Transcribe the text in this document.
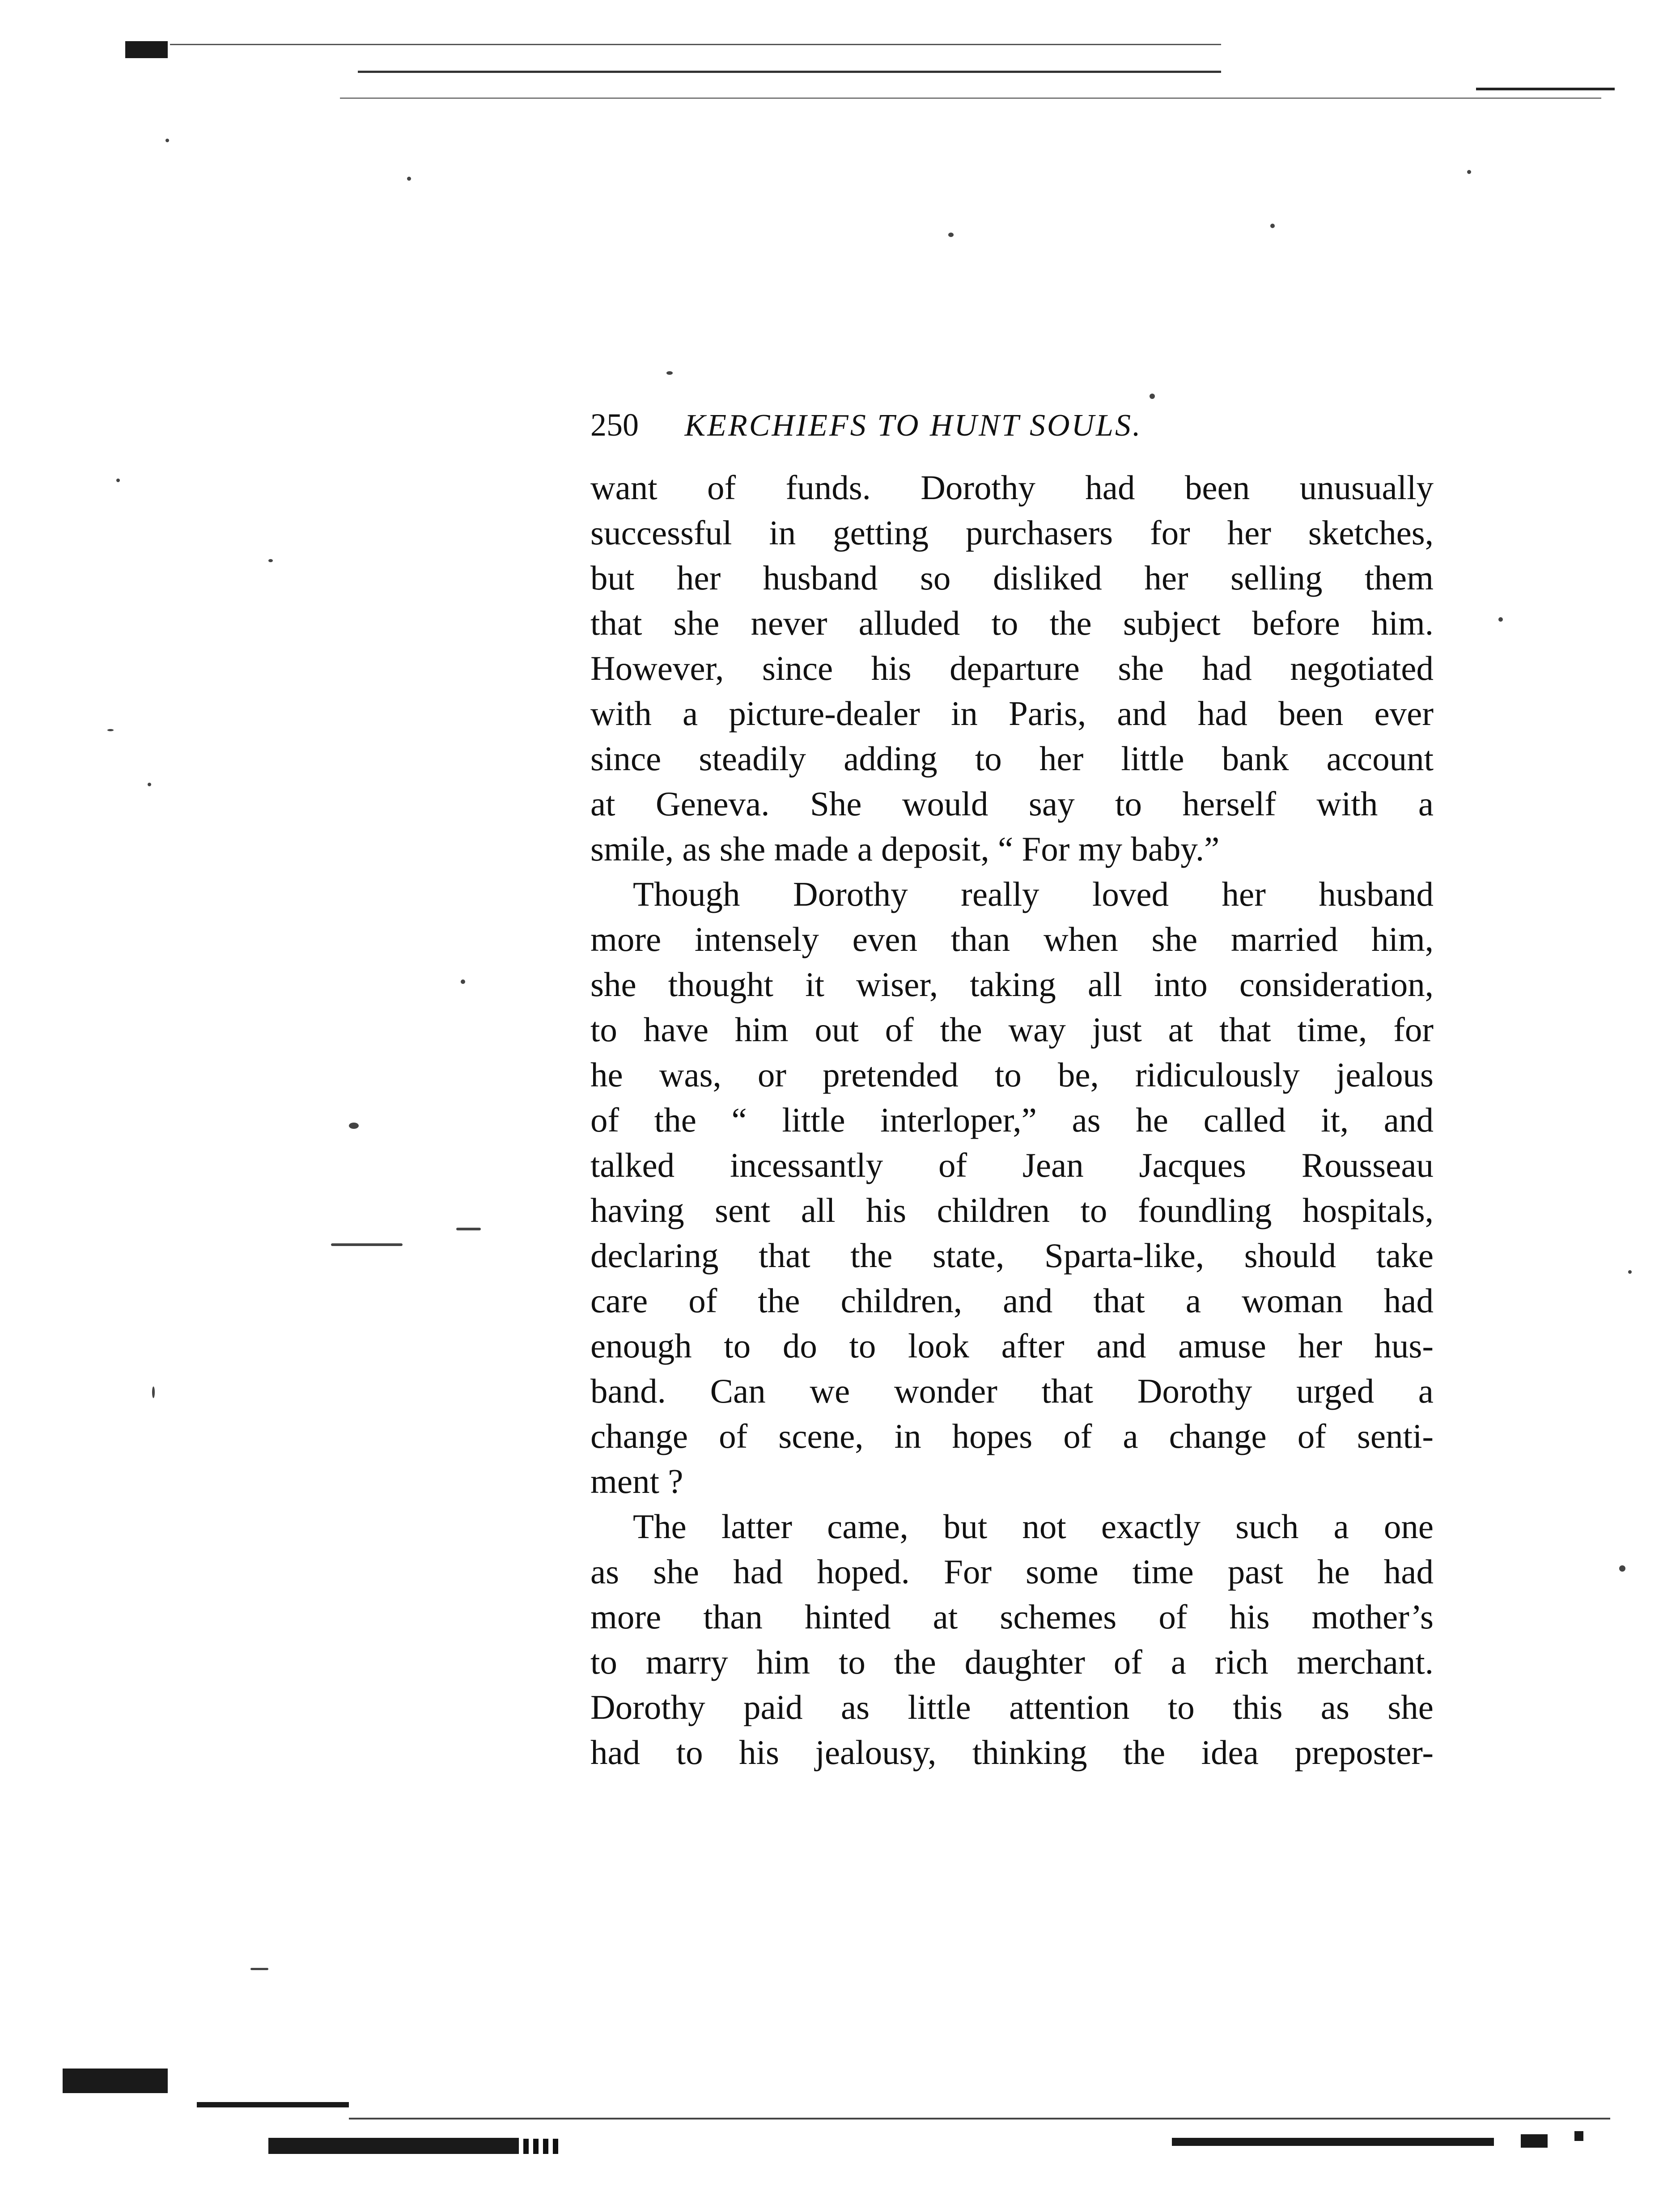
250 KERCHIEFS TO HUNT SOULS.
want of funds. Dorothy had been unusually
successful in getting purchasers for her sketches,
but her husband so disliked her selling them
that she never alluded to the subject before him.
However, since his departure she had negotiated
with a picture-dealer in Paris, and had been ever
since steadily adding to her little bank account
at Geneva. She would say to herself with a
smile, as she made a deposit, “ For my baby.”
Though Dorothy really loved her husband
more intensely even than when she married him,
she thought it wiser, taking all into consideration,
to have him out of the way just at that time, for
he was, or pretended to be, ridiculously jealous
of the “ little interloper,” as he called it, and
talked incessantly of Jean Jacques Rousseau
having sent all his children to foundling hospitals,
declaring that the state, Sparta-like, should take
care of the children, and that a woman had
enough to do to look after and amuse her hus-
band. Can we wonder that Dorothy urged a
change of scene, in hopes of a change of senti-
ment ?
The latter came, but not exactly such a one
as she had hoped. For some time past he had
more than hinted at schemes of his mother’s
to marry him to the daughter of a rich merchant.
Dorothy paid as little attention to this as she
had to his jealousy, thinking the idea preposter-
